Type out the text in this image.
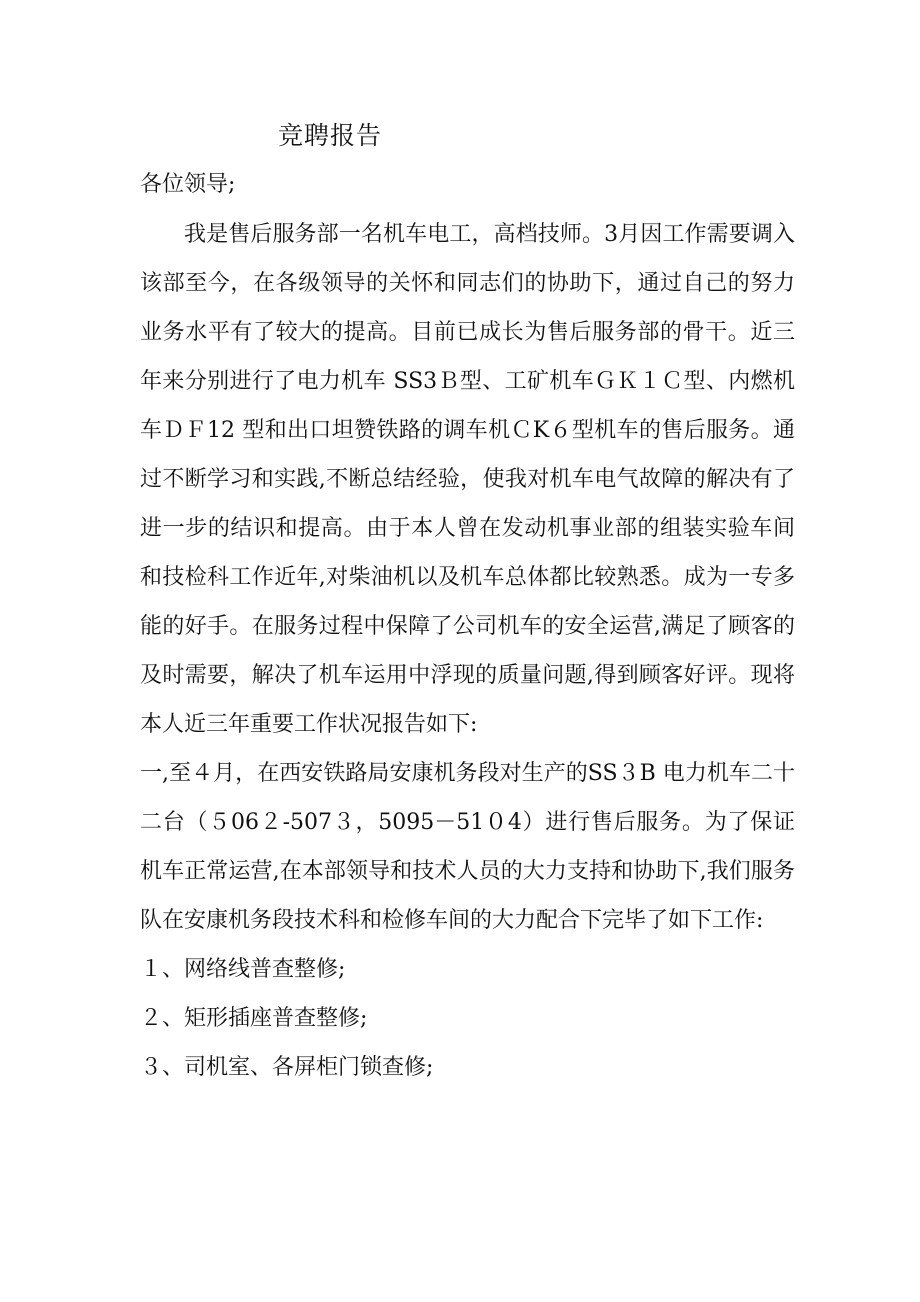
竞聘报告
各位领导;

我是售后服务部一名机车电工，高档技师。3月因工作需要调入该部至今，在各级领导的关怀和同志们的协助下，通过自己的努力业务水平有了较大的提高。目前已成长为售后服务部的骨干。近三年来分别进行了电力机车 SS3Ｂ型、工矿机车ＧＫ１Ｃ型、内燃机车ＤＦ12 型和出口坦赞铁路的调车机ＣK６型机车的售后服务。通过不断学习和实践,不断总结经验，使我对机车电气故障的解决有了进一步的结识和提高。由于本人曾在发动机事业部的组装实验车间和技检科工作近年,对柴油机以及机车总体都比较熟悉。成为一专多能的好手。在服务过程中保障了公司机车的安全运营,满足了顾客的及时需要，解决了机车运用中浮现的质量问题,得到顾客好评。现将本人近三年重要工作状况报告如下:

一,至４月，在西安铁路局安康机务段对生产的SS３B 电力机车二十二台（５06２-507３，5095－51０4）进行售后服务。为了保证机车正常运营,在本部领导和技术人员的大力支持和协助下,我们服务队在安康机务段技术科和检修车间的大力配合下完毕了如下工作:

１、网络线普查整修;
２、矩形插座普查整修;
３、司机室、各屏柜门锁查修;
